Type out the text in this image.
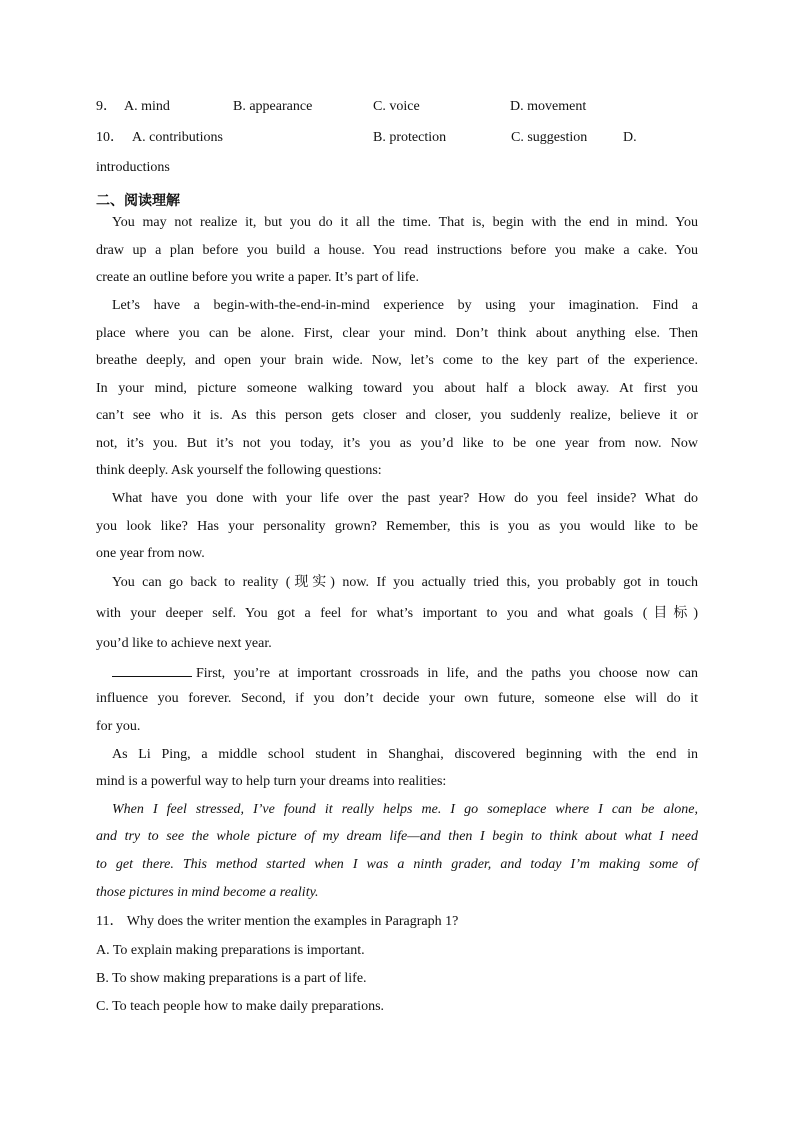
9． A. mind	B. appearance	C. voice	D. movement
10． A. contributions	B. protection	C. suggestion	D.
introductions
二、阅读理解
You may not realize it, but you do it all the time. That is, begin with the end in mind. You
draw up a plan before you build a house. You read instructions before you make a cake. You
create an outline before you write a paper. It’s part of life.
Let’s have a begin-with-the-end-in-mind experience by using your imagination. Find a
place where you can be alone. First, clear your mind. Don’t think about anything else. Then
breathe deeply, and open your brain wide. Now, let’s come to the key part of the experience.
In your mind, picture someone walking toward you about half a block away. At first you
can’t see who it is. As this person gets closer and closer, you suddenly realize, believe it or
not, it’s you. But it’s not you today, it’s you as you’d like to be one year from now. Now
think deeply. Ask yourself the following questions:
What have you done with your life over the past year? How do you feel inside? What do
you look like? Has your personality grown? Remember, this is you as you would like to be
one year from now.
You can go back to reality (现实) now. If you actually tried this, you probably got in touch
with your deeper self. You got a feel for what’s important to you and what goals (目标)
you’d like to achieve next year.
First, you’re at important crossroads in life, and the paths you choose now can
influence you forever. Second, if you don’t decide your own future, someone else will do it
for you.
As Li Ping, a middle school student in Shanghai, discovered beginning with the end in
mind is a powerful way to help turn your dreams into realities:
When I feel stressed, I’ve found it really helps me. I go someplace where I can be alone,
and try to see the whole picture of my dream life—and then I begin to think about what I need
to get there. This method started when I was a ninth grader, and today I’m making some of
those pictures in mind become a reality.
11． Why does the writer mention the examples in Paragraph 1?
A. To explain making preparations is important.
B. To show making preparations is a part of life.
C. To teach people how to make daily preparations.
